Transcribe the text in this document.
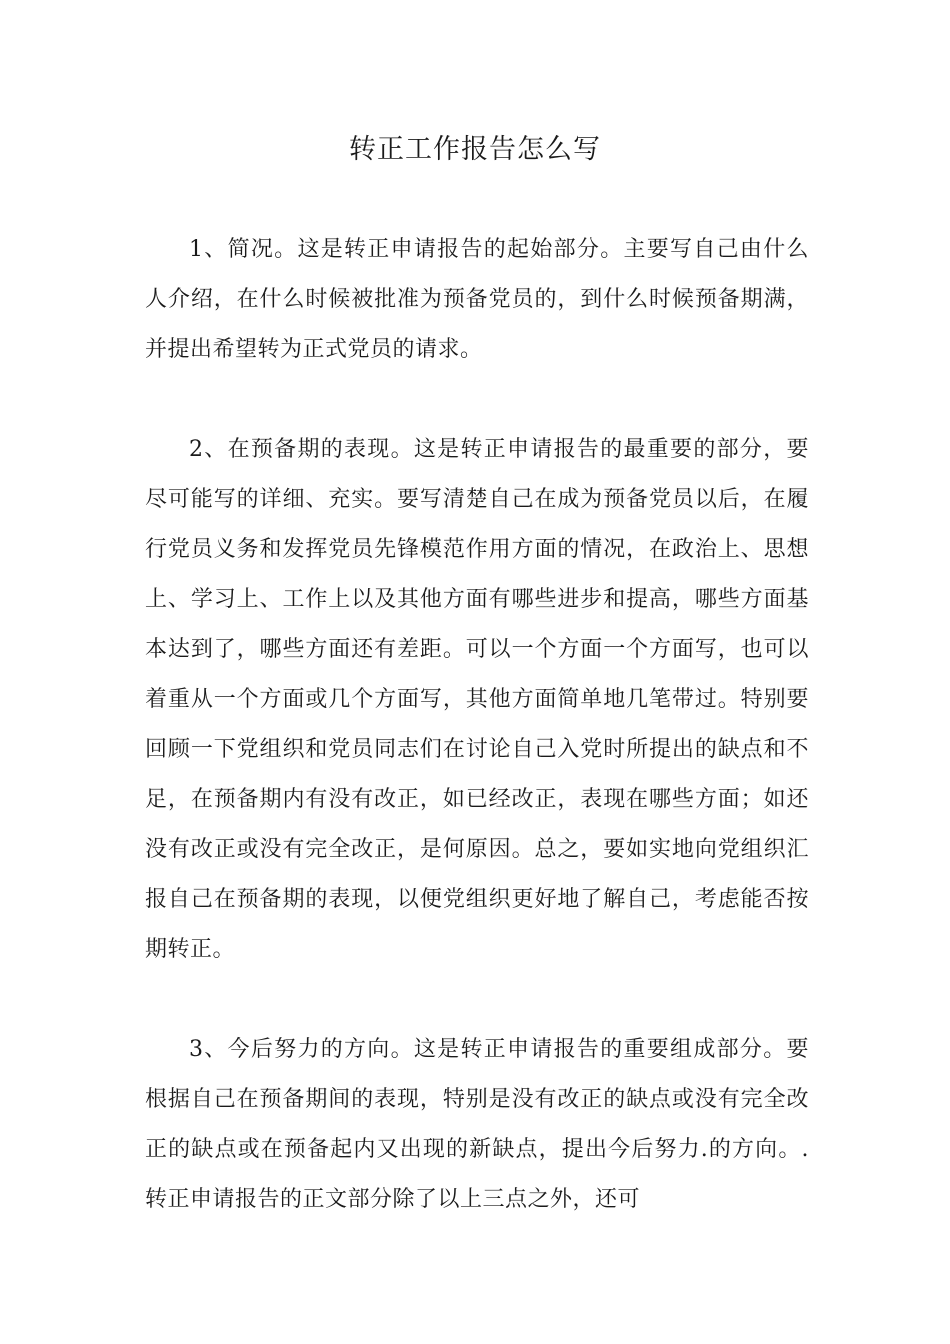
转正工作报告怎么写

1、简况。这是转正申请报告的起始部分。主要写自己由什么人介绍，在什么时候被批准为预备党员的，到什么时候预备期满，并提出希望转为正式党员的请求。

2、在预备期的表现。这是转正申请报告的最重要的部分，要尽可能写的详细、充实。要写清楚自己在成为预备党员以后，在履行党员义务和发挥党员先锋模范作用方面的情况，在政治上、思想上、学习上、工作上以及其他方面有哪些进步和提高，哪些方面基本达到了，哪些方面还有差距。可以一个方面一个方面写，也可以着重从一个方面或几个方面写，其他方面简单地几笔带过。特别要回顾一下党组织和党员同志们在讨论自己入党时所提出的缺点和不足，在预备期内有没有改正，如已经改正，表现在哪些方面；如还没有改正或没有完全改正，是何原因。总之，要如实地向党组织汇报自己在预备期的表现，以便党组织更好地了解自己，考虑能否按期转正。

3、今后努力的方向。这是转正申请报告的重要组成部分。要根据自己在预备期间的表现，特别是没有改正的缺点或没有完全改正的缺点或在预备起内又出现的新缺点，提出今后努力.的方向。. 转正申请报告的正文部分除了以上三点之外，还可
